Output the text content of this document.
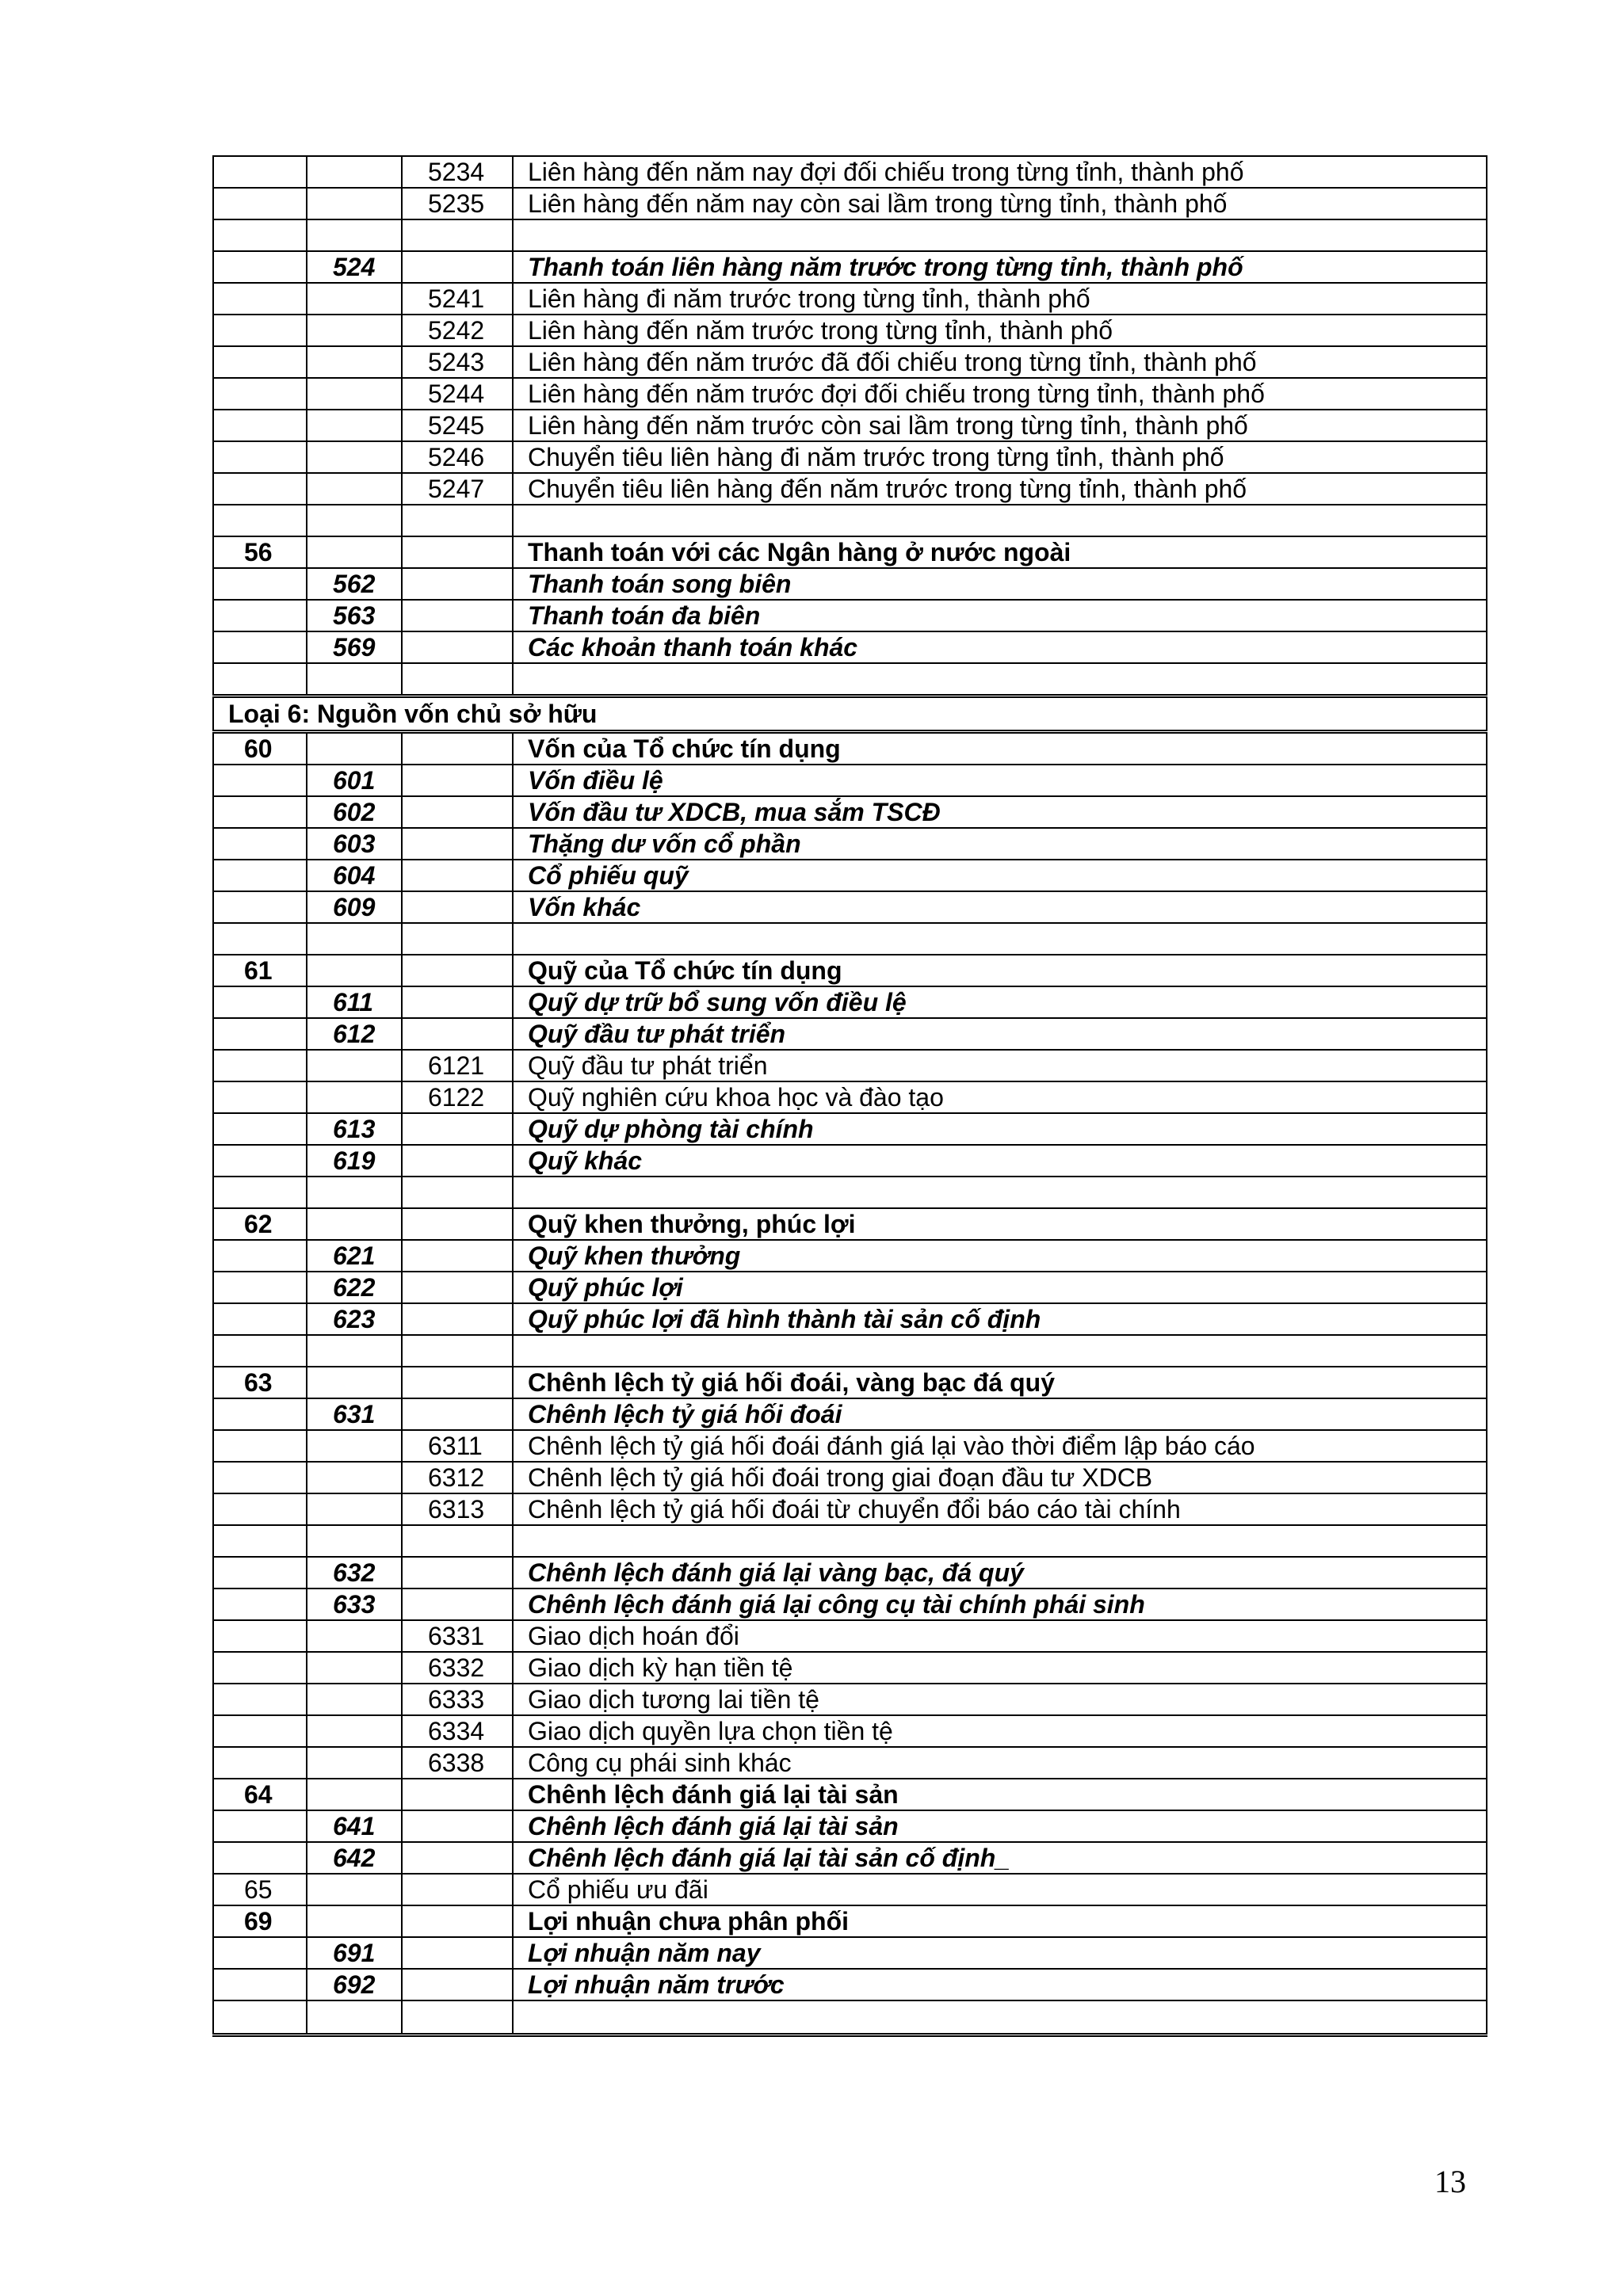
		5234	Liên hàng đến năm nay đợi đối chiếu trong từng tỉnh, thành phố
		5235	Liên hàng đến năm nay còn sai lầm trong từng tỉnh, thành phố

	524		Thanh toán liên hàng năm trước trong từng tỉnh, thành phố
		5241	Liên hàng đi năm trước trong từng tỉnh, thành phố
		5242	Liên hàng đến năm trước trong từng tỉnh, thành phố
		5243	Liên hàng đến năm trước đã đối chiếu trong từng tỉnh, thành phố
		5244	Liên hàng đến năm trước đợi đối chiếu trong từng tỉnh, thành phố
		5245	Liên hàng đến năm trước còn sai lầm trong từng tỉnh, thành phố
		5246	Chuyển tiêu liên hàng đi năm trước trong từng tỉnh, thành phố
		5247	Chuyển tiêu liên hàng đến năm trước trong từng tỉnh, thành phố

56			Thanh toán với các Ngân hàng ở nước ngoài
	562		Thanh toán song biên
	563		Thanh toán đa biên
	569		Các khoản thanh toán khác

Loại 6: Nguồn vốn chủ sở hữu			
60			Vốn của Tổ chức tín dụng
	601		Vốn điều lệ
	602		Vốn đầu tư XDCB, mua sắm TSCĐ
	603		Thặng dư vốn cổ phần
	604		Cổ phiếu quỹ
	609		Vốn khác

61			Quỹ của Tổ chức tín dụng
	611		Quỹ dự trữ bổ sung vốn điều lệ
	612		Quỹ đầu tư phát triển
		6121	Quỹ đầu tư phát triển
		6122	Quỹ nghiên cứu khoa học và đào tạo
	613		Quỹ dự phòng tài chính
	619		Quỹ khác

62			Quỹ khen thưởng, phúc lợi
	621		Quỹ khen thưởng
	622		Quỹ phúc lợi
	623		Quỹ phúc lợi đã hình thành tài sản cố định

63			Chênh lệch tỷ giá hối đoái, vàng bạc đá quý
	631		Chênh lệch tỷ giá hối đoái
		6311	Chênh lệch tỷ giá hối đoái đánh giá lại vào thời điểm lập báo cáo
		6312	Chênh lệch tỷ giá hối đoái trong giai đoạn đầu tư XDCB
		6313	Chênh lệch tỷ giá hối đoái từ chuyển đổi báo cáo tài chính

	632		Chênh lệch đánh giá lại vàng bạc, đá quý
	633		Chênh lệch đánh giá lại công cụ tài chính phái sinh
		6331	Giao dịch hoán đổi
		6332	Giao dịch kỳ hạn tiền tệ
		6333	Giao dịch tương lai tiền tệ
		6334	Giao dịch quyền lựa chọn tiền tệ
		6338	Công cụ phái sinh khác
64			Chênh lệch đánh giá lại tài sản
	641		Chênh lệch đánh giá lại tài sản
	642		Chênh lệch đánh giá lại tài sản cố định_
65			Cổ phiếu ưu đãi
69			Lợi nhuận chưa phân phối
	691		Lợi nhuận năm nay
	692		Lợi nhuận năm trước

13
